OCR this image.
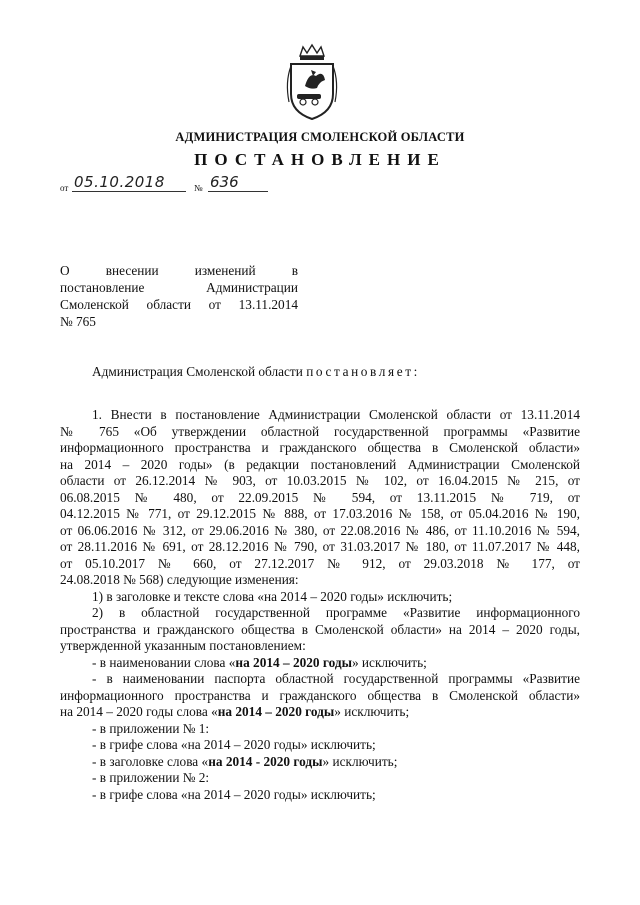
АДМИНИСТРАЦИЯ СМОЛЕНСКОЙ ОБЛАСТИ
ПОСТАНОВЛЕНИЕ
от 05.10.2018	№ 636
О внесении изменений в
постановление Администрации
Смоленской области от 13.11.2014
№ 765
Администрация Смоленской области постановляет:
1. Внести в постановление Администрации Смоленской области от 13.11.2014
№ 765 «Об утверждении областной государственной программы «Развитие
информационного пространства и гражданского общества в Смоленской области»
на 2014 – 2020 годы» (в редакции постановлений Администрации Смоленской
области от 26.12.2014 № 903, от 10.03.2015 № 102, от 16.04.2015 № 215, от
06.08.2015 № 480, от 22.09.2015 № 594, от 13.11.2015 № 719, от
04.12.2015 № 771, от 29.12.2015 № 888, от 17.03.2016 № 158, от 05.04.2016 № 190,
от 06.06.2016 № 312, от 29.06.2016 № 380, от 22.08.2016 № 486, от 11.10.2016 № 594,
от 28.11.2016 № 691, от 28.12.2016 № 790, от 31.03.2017 № 180, от 11.07.2017 № 448,
от 05.10.2017 № 660, от 27.12.2017 № 912, от 29.03.2018 № 177, от
24.08.2018 № 568) следующие изменения:
1) в заголовке и тексте слова «на 2014 – 2020 годы» исключить;
2) в областной государственной программе «Развитие информационного
пространства и гражданского общества в Смоленской области» на 2014 – 2020 годы,
утвержденной указанным постановлением:
- в наименовании слова «на 2014 – 2020 годы» исключить;
- в наименовании паспорта областной государственной программы «Развитие
информационного пространства и гражданского общества в Смоленской области»
на 2014 – 2020 годы слова «на 2014 – 2020 годы» исключить;
- в приложении № 1:
- в грифе слова «на 2014 – 2020 годы» исключить;
- в заголовке слова «на 2014 - 2020 годы» исключить;
- в приложении № 2:
- в грифе слова «на 2014 – 2020 годы» исключить;
